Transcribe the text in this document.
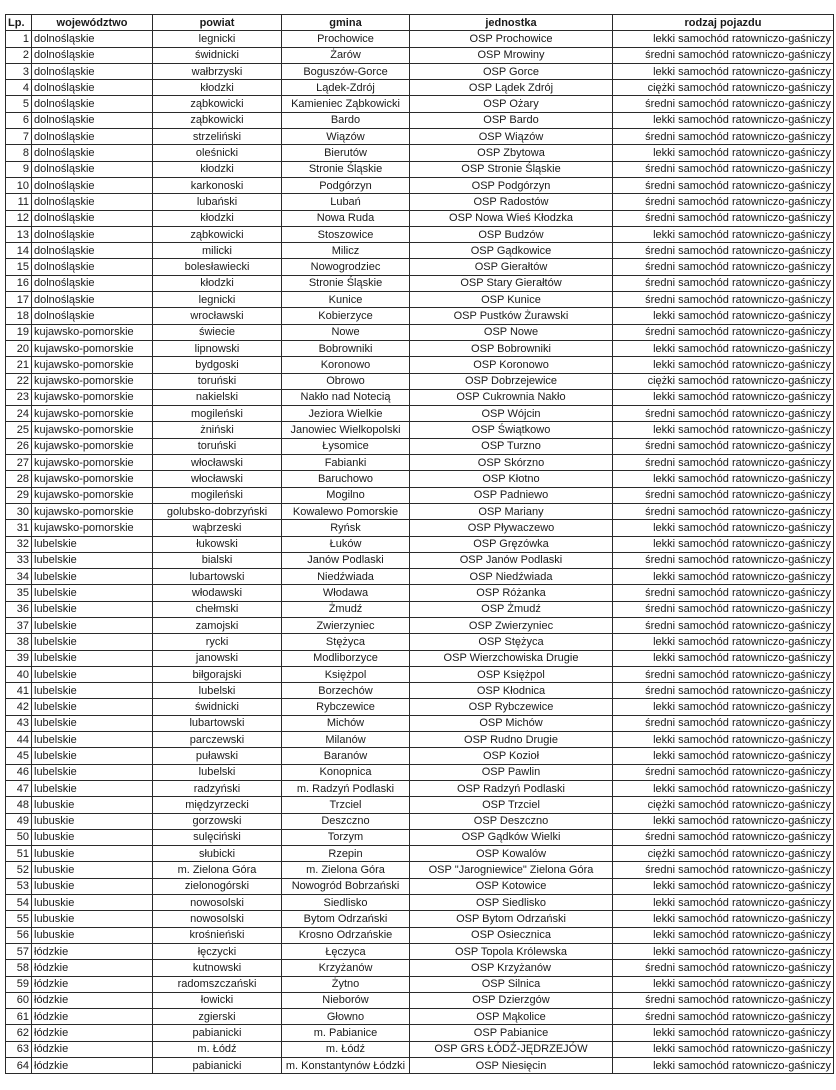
Lp.	województwo	powiat	gmina	jednostka	rodzaj pojazdu
1	dolnośląskie	legnicki	Prochowice	OSP Prochowice	lekki samochód ratowniczo-gaśniczy
2	dolnośląskie	świdnicki	Żarów	OSP Mrowiny	średni samochód ratowniczo-gaśniczy
3	dolnośląskie	wałbrzyski	Boguszów-Gorce	OSP Gorce	lekki samochód ratowniczo-gaśniczy
4	dolnośląskie	kłodzki	Lądek-Zdrój	OSP Lądek Zdrój	ciężki samochód ratowniczo-gaśniczy
5	dolnośląskie	ząbkowicki	Kamieniec Ząbkowicki	OSP Ożary	średni samochód ratowniczo-gaśniczy
6	dolnośląskie	ząbkowicki	Bardo	OSP Bardo	lekki samochód ratowniczo-gaśniczy
7	dolnośląskie	strzeliński	Wiązów	OSP Wiązów	średni samochód ratowniczo-gaśniczy
8	dolnośląskie	oleśnicki	Bierutów	OSP Zbytowa	lekki samochód ratowniczo-gaśniczy
9	dolnośląskie	kłodzki	Stronie Śląskie	OSP Stronie Śląskie	średni samochód ratowniczo-gaśniczy
10	dolnośląskie	karkonoski	Podgórzyn	OSP Podgórzyn	średni samochód ratowniczo-gaśniczy
11	dolnośląskie	lubański	Lubań	OSP Radostów	średni samochód ratowniczo-gaśniczy
12	dolnośląskie	kłodzki	Nowa Ruda	OSP Nowa Wieś Kłodzka	średni samochód ratowniczo-gaśniczy
13	dolnośląskie	ząbkowicki	Stoszowice	OSP Budzów	lekki samochód ratowniczo-gaśniczy
14	dolnośląskie	milicki	Milicz	OSP Gądkowice	średni samochód ratowniczo-gaśniczy
15	dolnośląskie	bolesławiecki	Nowogrodziec	OSP Gierałtów	średni samochód ratowniczo-gaśniczy
16	dolnośląskie	kłodzki	Stronie Śląskie	OSP Stary Gierałtów	średni samochód ratowniczo-gaśniczy
17	dolnośląskie	legnicki	Kunice	OSP Kunice	średni samochód ratowniczo-gaśniczy
18	dolnośląskie	wrocławski	Kobierzyce	OSP Pustków Żurawski	lekki samochód ratowniczo-gaśniczy
19	kujawsko-pomorskie	świecie	Nowe	OSP Nowe	średni samochód ratowniczo-gaśniczy
20	kujawsko-pomorskie	lipnowski	Bobrowniki	OSP Bobrowniki	lekki samochód ratowniczo-gaśniczy
21	kujawsko-pomorskie	bydgoski	Koronowo	OSP Koronowo	lekki samochód ratowniczo-gaśniczy
22	kujawsko-pomorskie	toruński	Obrowo	OSP Dobrzejewice	ciężki samochód ratowniczo-gaśniczy
23	kujawsko-pomorskie	nakielski	Nakło nad Notecią	OSP Cukrownia Nakło	lekki samochód ratowniczo-gaśniczy
24	kujawsko-pomorskie	mogileński	Jeziora Wielkie	OSP Wójcin	średni samochód ratowniczo-gaśniczy
25	kujawsko-pomorskie	żniński	Janowiec Wielkopolski	OSP Świątkowo	lekki samochód ratowniczo-gaśniczy
26	kujawsko-pomorskie	toruński	Łysomice	OSP Turzno	średni samochód ratowniczo-gaśniczy
27	kujawsko-pomorskie	włocławski	Fabianki	OSP Skórzno	średni samochód ratowniczo-gaśniczy
28	kujawsko-pomorskie	włocławski	Baruchowo	OSP Kłotno	lekki samochód ratowniczo-gaśniczy
29	kujawsko-pomorskie	mogileński	Mogilno	OSP Padniewo	średni samochód ratowniczo-gaśniczy
30	kujawsko-pomorskie	golubsko-dobrzyński	Kowalewo Pomorskie	OSP Mariany	średni samochód ratowniczo-gaśniczy
31	kujawsko-pomorskie	wąbrzeski	Ryńsk	OSP Pływaczewo	lekki samochód ratowniczo-gaśniczy
32	lubelskie	łukowski	Łuków	OSP Gręzówka	lekki samochód ratowniczo-gaśniczy
33	lubelskie	bialski	Janów Podlaski	OSP Janów Podlaski	średni samochód ratowniczo-gaśniczy
34	lubelskie	lubartowski	Niedźwiada	OSP Niedźwiada	lekki samochód ratowniczo-gaśniczy
35	lubelskie	włodawski	Włodawa	OSP Różanka	średni samochód ratowniczo-gaśniczy
36	lubelskie	chełmski	Żmudź	OSP Żmudź	średni samochód ratowniczo-gaśniczy
37	lubelskie	zamojski	Zwierzyniec	OSP Zwierzyniec	średni samochód ratowniczo-gaśniczy
38	lubelskie	rycki	Stężyca	OSP Stężyca	lekki samochód ratowniczo-gaśniczy
39	lubelskie	janowski	Modliborzyce	OSP Wierzchowiska Drugie	lekki samochód ratowniczo-gaśniczy
40	lubelskie	biłgorajski	Księżpol	OSP Księżpol	średni samochód ratowniczo-gaśniczy
41	lubelskie	lubelski	Borzechów	OSP Kłodnica	średni samochód ratowniczo-gaśniczy
42	lubelskie	świdnicki	Rybczewice	OSP Rybczewice	lekki samochód ratowniczo-gaśniczy
43	lubelskie	lubartowski	Michów	OSP Michów	średni samochód ratowniczo-gaśniczy
44	lubelskie	parczewski	Milanów	OSP Rudno Drugie	lekki samochód ratowniczo-gaśniczy
45	lubelskie	puławski	Baranów	OSP Kozioł	lekki samochód ratowniczo-gaśniczy
46	lubelskie	lubelski	Konopnica	OSP Pawlin	średni samochód ratowniczo-gaśniczy
47	lubelskie	radzyński	m. Radzyń Podlaski	OSP Radzyń Podlaski	lekki samochód ratowniczo-gaśniczy
48	lubuskie	międzyrzecki	Trzciel	OSP Trzciel	ciężki samochód ratowniczo-gaśniczy
49	lubuskie	gorzowski	Deszczno	OSP Deszczno	lekki samochód ratowniczo-gaśniczy
50	lubuskie	sulęciński	Torzym	OSP Gądków Wielki	średni samochód ratowniczo-gaśniczy
51	lubuskie	słubicki	Rzepin	OSP Kowalów	ciężki samochód ratowniczo-gaśniczy
52	lubuskie	m. Zielona Góra	m. Zielona Góra	OSP "Jarogniewice" Zielona Góra	średni samochód ratowniczo-gaśniczy
53	lubuskie	zielonogórski	Nowogród Bobrzański	OSP Kotowice	lekki samochód ratowniczo-gaśniczy
54	lubuskie	nowosolski	Siedlisko	OSP Siedlisko	lekki samochód ratowniczo-gaśniczy
55	lubuskie	nowosolski	Bytom Odrzański	OSP Bytom Odrzański	lekki samochód ratowniczo-gaśniczy
56	lubuskie	krośnieński	Krosno Odrzańskie	OSP Osiecznica	lekki samochód ratowniczo-gaśniczy
57	łódzkie	łęczycki	Łęczyca	OSP Topola Królewska	lekki samochód ratowniczo-gaśniczy
58	łódzkie	kutnowski	Krzyżanów	OSP Krzyżanów	średni samochód ratowniczo-gaśniczy
59	łódzkie	radomszczański	Żytno	OSP Silnica	lekki samochód ratowniczo-gaśniczy
60	łódzkie	łowicki	Nieborów	OSP Dzierzgów	średni samochód ratowniczo-gaśniczy
61	łódzkie	zgierski	Głowno	OSP Mąkolice	średni samochód ratowniczo-gaśniczy
62	łódzkie	pabianicki	m. Pabianice	OSP Pabianice	lekki samochód ratowniczo-gaśniczy
63	łódzkie	m. Łódź	m. Łódź	OSP GRS ŁÓDŹ-JĘDRZEJÓW	lekki samochód ratowniczo-gaśniczy
64	łódzkie	pabianicki	m. Konstantynów Łódzki	OSP Niesięcin	lekki samochód ratowniczo-gaśniczy
